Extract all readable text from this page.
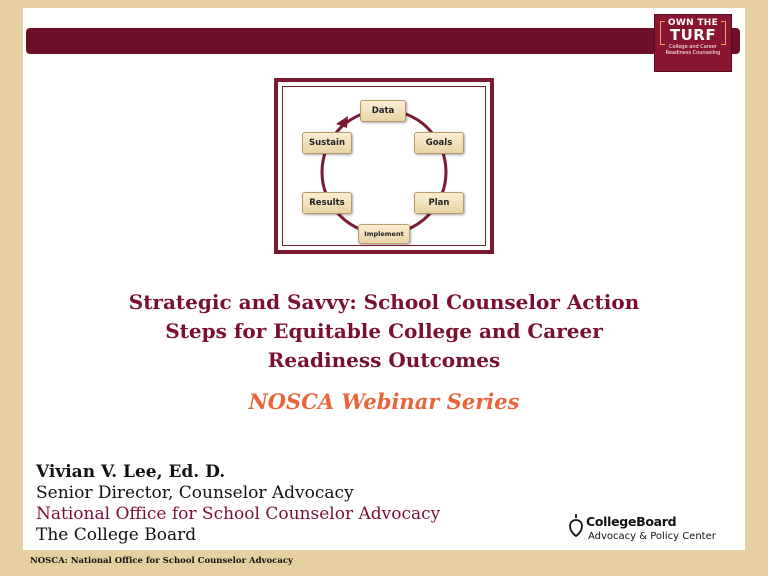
OWN THE
TURF
College and Career
Readiness Counseling
Data
Goals
Plan
Implement
Results
Sustain
Strategic and Savvy: School Counselor Action
Steps for Equitable College and Career
Readiness Outcomes
NOSCA Webinar Series
Vivian V. Lee, Ed. D.
Senior Director, Counselor Advocacy
National Office for School Counselor Advocacy
The College Board
CollegeBoard
Advocacy & Policy Center
NOSCA: National Office for School Counselor Advocacy
